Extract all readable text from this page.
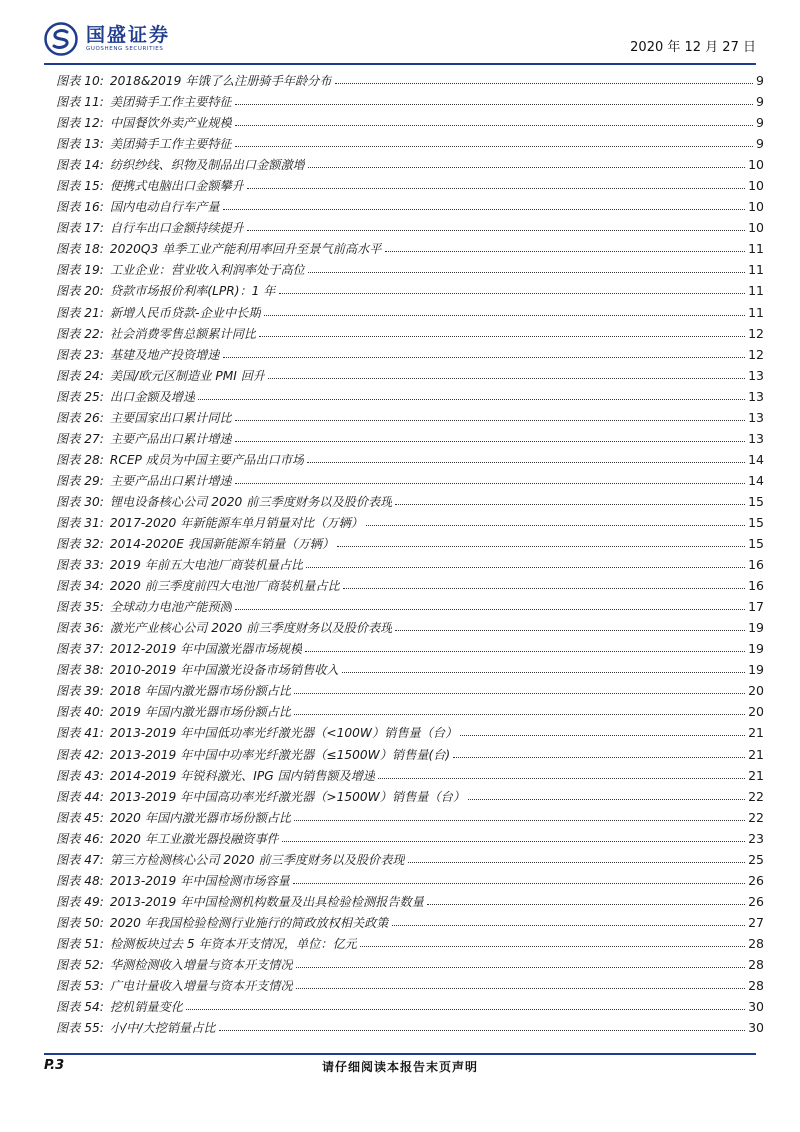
国盛证券
GUOSHENG SECURITIES	2020 年 12 月 27 日
图表 10: 2018&2019 年饿了么注册骑手年龄分布	9
图表 11: 美团骑手工作主要特征	9
图表 12: 中国餐饮外卖产业规模	9
图表 13: 美团骑手工作主要特征	9
图表 14: 纺织纱线、织物及制品出口金额激增	10
图表 15: 便携式电脑出口金额攀升	10
图表 16: 国内电动自行车产量	10
图表 17: 自行车出口金额持续提升	10
图表 18: 2020Q3 单季工业产能利用率回升至景气前高水平	11
图表 19: 工业企业：营业收入利润率处于高位	11
图表 20: 贷款市场报价利率(LPR)：1 年	11
图表 21: 新增人民币贷款-企业中长期	11
图表 22: 社会消费零售总额累计同比	12
图表 23: 基建及地产投资增速	12
图表 24: 美国/欧元区制造业 PMI 回升	13
图表 25: 出口金额及增速	13
图表 26: 主要国家出口累计同比	13
图表 27: 主要产品出口累计增速	13
图表 28: RCEP 成员为中国主要产品出口市场	14
图表 29: 主要产品出口累计增速	14
图表 30: 锂电设备核心公司 2020 前三季度财务以及股价表现	15
图表 31: 2017-2020 年新能源车单月销量对比（万辆）	15
图表 32: 2014-2020E 我国新能源车销量（万辆）	15
图表 33: 2019 年前五大电池厂商装机量占比	16
图表 34: 2020 前三季度前四大电池厂商装机量占比	16
图表 35: 全球动力电池产能预测	17
图表 36: 激光产业核心公司 2020 前三季度财务以及股价表现	19
图表 37: 2012-2019 年中国激光器市场规模	19
图表 38: 2010-2019 年中国激光设备市场销售收入	19
图表 39: 2018 年国内激光器市场份额占比	20
图表 40: 2019 年国内激光器市场份额占比	20
图表 41: 2013-2019 年中国低功率光纤激光器（<100W）销售量（台）	21
图表 42: 2013-2019 年中国中功率光纤激光器（≤1500W）销售量(台)	21
图表 43: 2014-2019 年锐科激光、IPG 国内销售额及增速	21
图表 44: 2013-2019 年中国高功率光纤激光器（>1500W）销售量（台）	22
图表 45: 2020 年国内激光器市场份额占比	22
图表 46: 2020 年工业激光器投融资事件	23
图表 47: 第三方检测核心公司 2020 前三季度财务以及股价表现	25
图表 48: 2013-2019 年中国检测市场容量	26
图表 49: 2013-2019 年中国检测机构数量及出具检验检测报告数量	26
图表 50: 2020 年我国检验检测行业施行的简政放权相关政策	27
图表 51: 检测板块过去 5 年资本开支情况，单位：亿元	28
图表 52: 华测检测收入增量与资本开支情况	28
图表 53: 广电计量收入增量与资本开支情况	28
图表 54: 挖机销量变化	30
图表 55: 小/中/大挖销量占比	30
P.3	请仔细阅读本报告末页声明
